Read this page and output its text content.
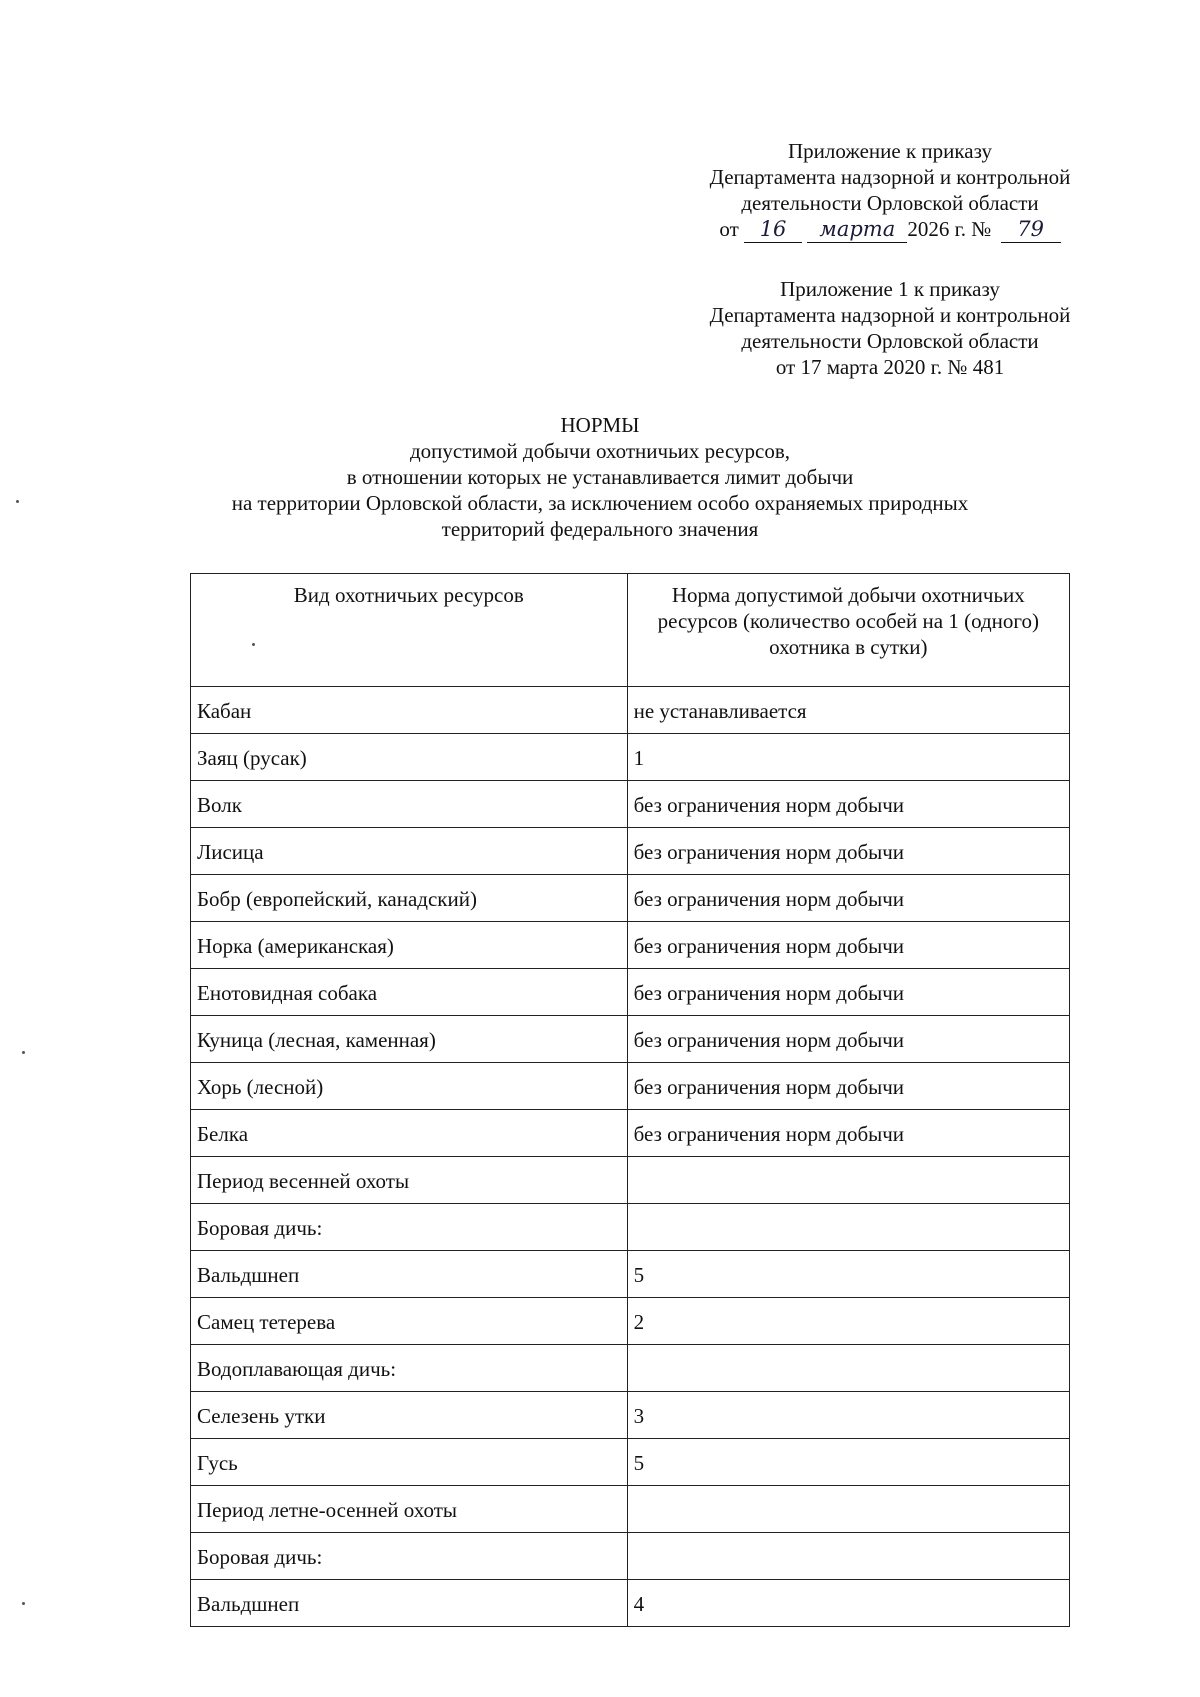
Приложение к приказу

Департамента надзорной и контрольной

деятельности Орловской области

от 16 марта 2026 г. № 79

Приложение 1 к приказу

Департамента надзорной и контрольной

деятельности Орловской области

от 17 марта 2020 г. № 481

НОРМЫ

допустимой добычи охотничьих ресурсов,

в отношении которых не устанавливается лимит добычи

на территории Орловской области, за исключением особо охраняемых природных

территорий федерального значения

Вид охотничьих ресурсов	Норма допустимой добычи охотничьих ресурсов (количество особей на 1 (одного) охотника в сутки)
Кабан	не устанавливается
Заяц (русак)	1
Волк	без ограничения норм добычи
Лисица	без ограничения норм добычи
Бобр (европейский, канадский)	без ограничения норм добычи
Норка (американская)	без ограничения норм добычи
Енотовидная собака	без ограничения норм добычи
Куница (лесная, каменная)	без ограничения норм добычи
Хорь (лесной)	без ограничения норм добычи
Белка	без ограничения норм добычи
Период весенней охоты	
Боровая дичь:	
Вальдшнеп	5
Самец тетерева	2
Водоплавающая дичь:	
Селезень утки	3
Гусь	5
Период летне-осенней охоты	
Боровая дичь:	
Вальдшнеп	4
